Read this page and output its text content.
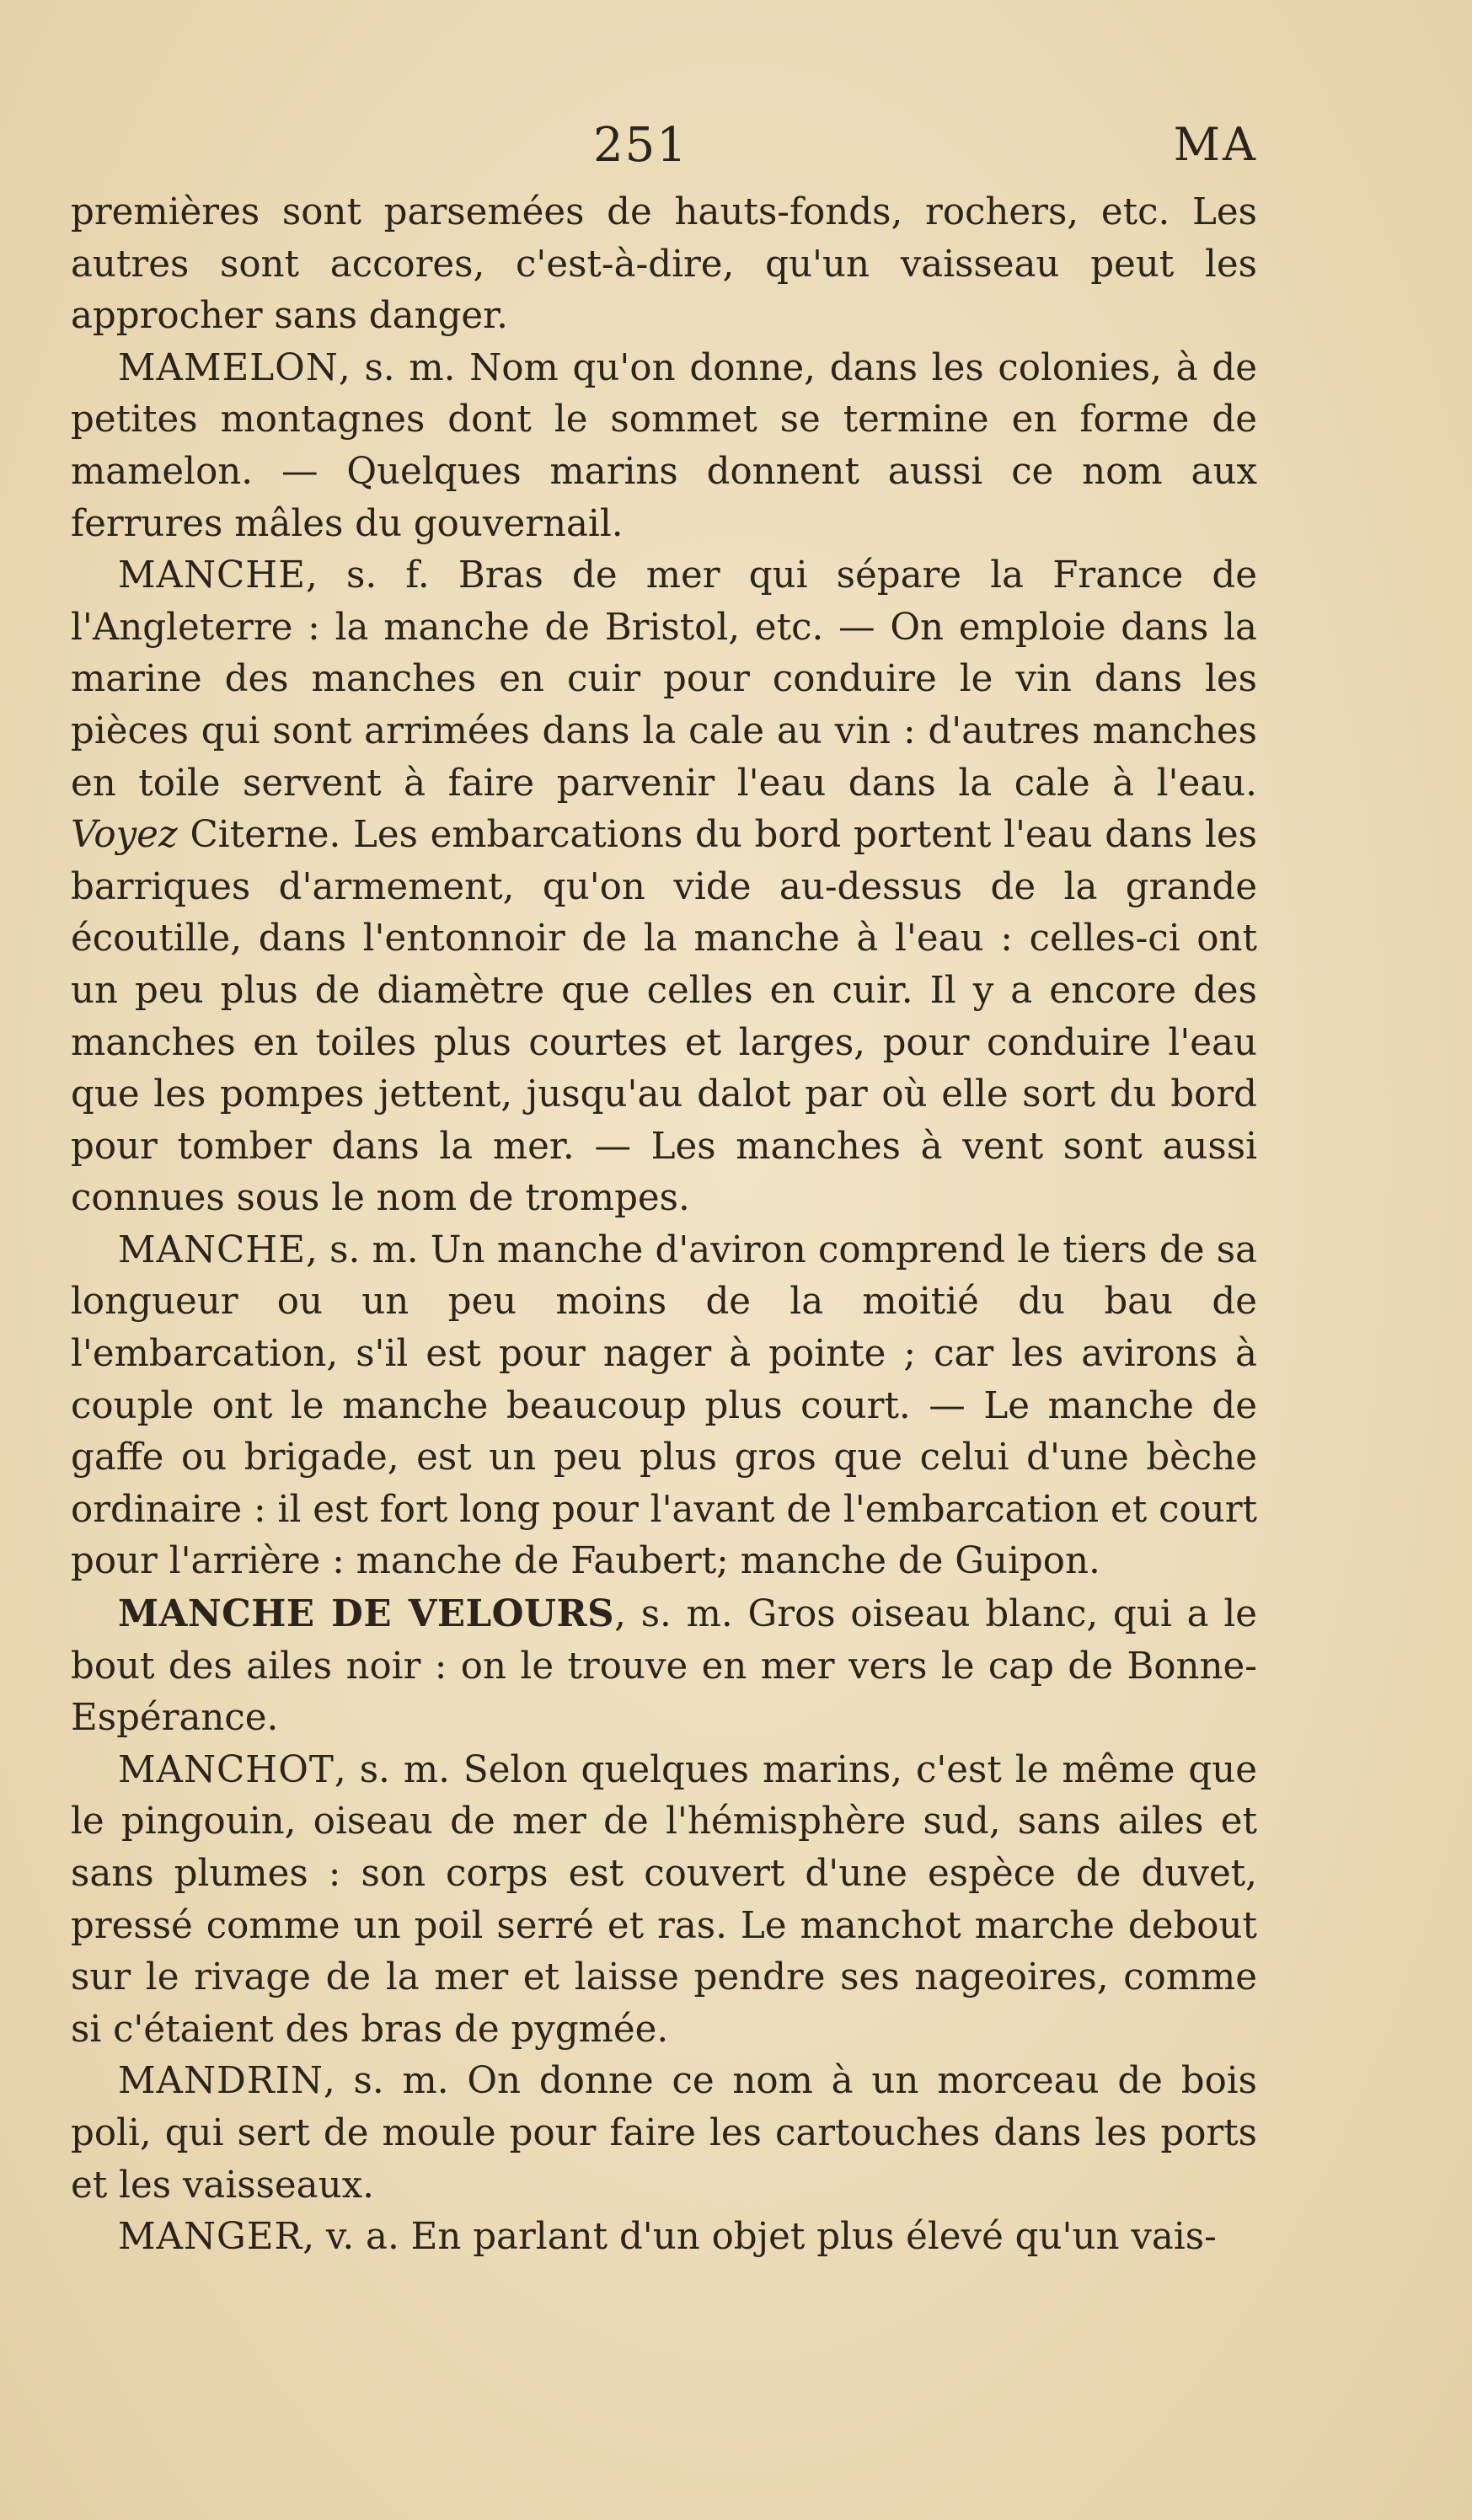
251	MA

premières sont parsemées de hauts-fonds, rochers, etc. Les autres sont accores, c'est-à-dire, qu'un vaisseau peut les approcher sans danger.

MAMELON, s. m. Nom qu'on donne, dans les colonies, à de petites montagnes dont le sommet se termine en forme de mamelon. — Quelques marins donnent aussi ce nom aux ferrures mâles du gouvernail.

MANCHE, s. f. Bras de mer qui sépare la France de l'Angleterre : la manche de Bristol, etc. — On emploie dans la marine des manches en cuir pour conduire le vin dans les pièces qui sont arrimées dans la cale au vin : d'autres manches en toile servent à faire parvenir l'eau dans la cale à l'eau. Voyez Citerne. Les embarcations du bord portent l'eau dans les barriques d'armement, qu'on vide au-dessus de la grande écoutille, dans l'entonnoir de la manche à l'eau : celles-ci ont un peu plus de diamètre que celles en cuir. Il y a encore des manches en toiles plus courtes et larges, pour conduire l'eau que les pompes jettent, jusqu'au dalot par où elle sort du bord pour tomber dans la mer. — Les manches à vent sont aussi connues sous le nom de trompes.

MANCHE, s. m. Un manche d'aviron comprend le tiers de sa longueur ou un peu moins de la moitié du bau de l'embarcation, s'il est pour nager à pointe ; car les avirons à couple ont le manche beaucoup plus court. — Le manche de gaffe ou brigade, est un peu plus gros que celui d'une bèche ordinaire : il est fort long pour l'avant de l'embarcation et court pour l'arrière : manche de Faubert; manche de Guipon.

MANCHE DE VELOURS, s. m. Gros oiseau blanc, qui a le bout des ailes noir : on le trouve en mer vers le cap de Bonne-Espérance.

MANCHOT, s. m. Selon quelques marins, c'est le même que le pingouin, oiseau de mer de l'hémisphère sud, sans ailes et sans plumes : son corps est couvert d'une espèce de duvet, pressé comme un poil serré et ras. Le manchot marche debout sur le rivage de la mer et laisse pendre ses nageoires, comme si c'étaient des bras de pygmée.

MANDRIN, s. m. On donne ce nom à un morceau de bois poli, qui sert de moule pour faire les cartouches dans les ports et les vaisseaux.

MANGER, v. a. En parlant d'un objet plus élevé qu'un vais-
